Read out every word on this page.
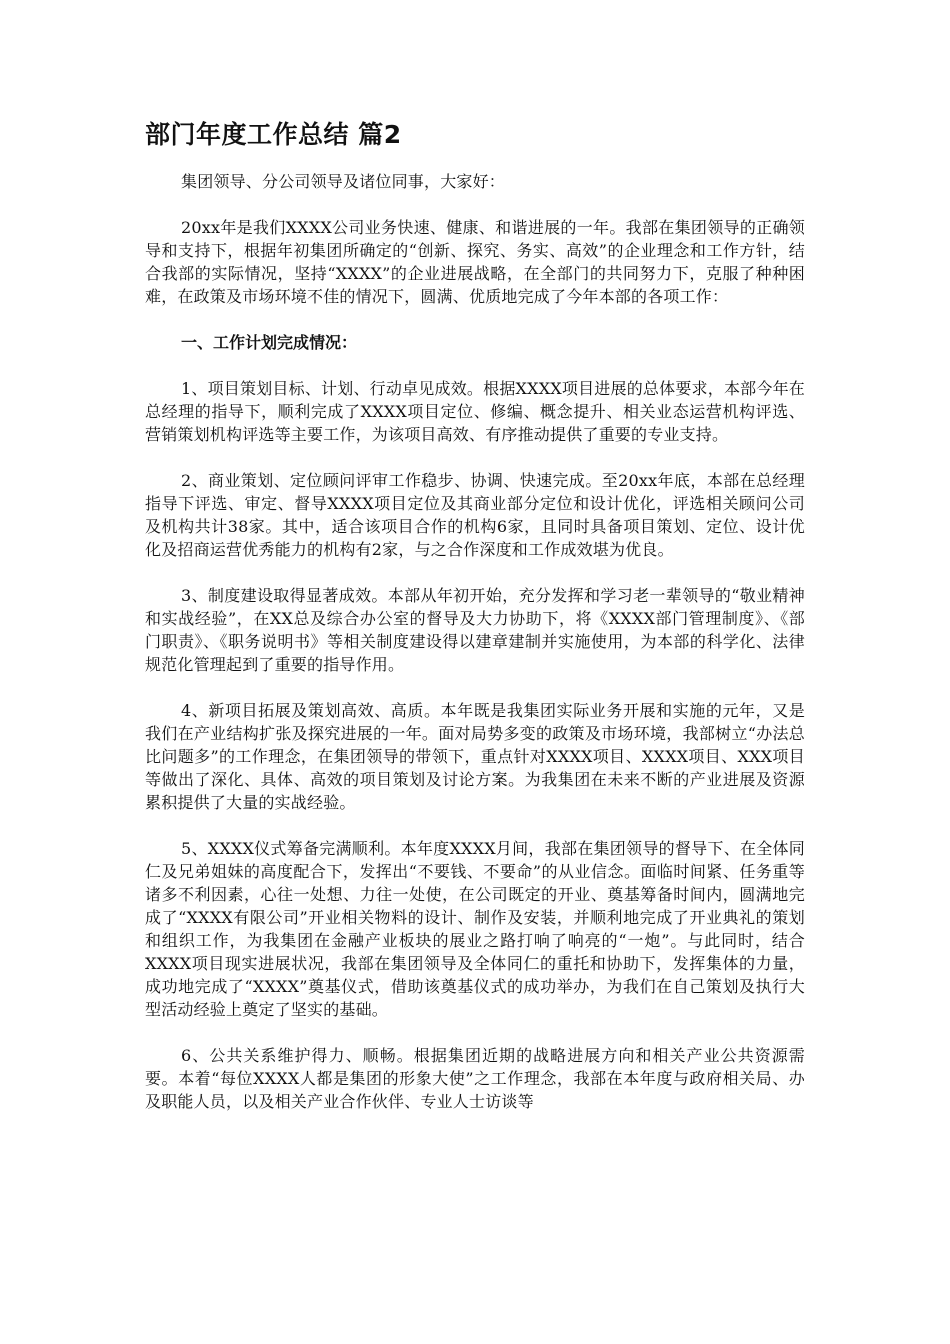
部门年度工作总结 篇2

集团领导、分公司领导及诸位同事，大家好：

20xx年是我们XXXX公司业务快速、健康、和谐进展的一年。我部在集团领导的正确领导和支持下，根据年初集团所确定的“创新、探究、务实、高效”的企业理念和工作方针，结合我部的实际情况，坚持“XXXX”的企业进展战略，在全部门的共同努力下，克服了种种困难，在政策及市场环境不佳的情况下，圆满、优质地完成了今年本部的各项工作：

一、工作计划完成情况：

1、项目策划目标、计划、行动卓见成效。根据XXXX项目进展的总体要求，本部今年在总经理的指导下，顺利完成了XXXX项目定位、修编、概念提升、相关业态运营机构评选、营销策划机构评选等主要工作，为该项目高效、有序推动提供了重要的专业支持。

2、商业策划、定位顾问评审工作稳步、协调、快速完成。至20xx年底，本部在总经理指导下评选、审定、督导XXXX项目定位及其商业部分定位和设计优化，评选相关顾问公司及机构共计38家。其中，适合该项目合作的机构6家，且同时具备项目策划、定位、设计优化及招商运营优秀能力的机构有2家，与之合作深度和工作成效堪为优良。

3、制度建设取得显著成效。本部从年初开始，充分发挥和学习老一辈领导的“敬业精神和实战经验”，在XX总及综合办公室的督导及大力协助下，将《XXXX部门管理制度》、《部门职责》、《职务说明书》等相关制度建设得以建章建制并实施使用，为本部的科学化、法律规范化管理起到了重要的指导作用。

4、新项目拓展及策划高效、高质。本年既是我集团实际业务开展和实施的元年，又是我们在产业结构扩张及探究进展的一年。面对局势多变的政策及市场环境，我部树立“办法总比问题多”的工作理念，在集团领导的带领下，重点针对XXXX项目、XXXX项目、XXX项目等做出了深化、具体、高效的项目策划及讨论方案。为我集团在未来不断的产业进展及资源累积提供了大量的实战经验。

5、XXXX仪式筹备完满顺利。本年度XXXX月间，我部在集团领导的督导下、在全体同仁及兄弟姐妹的高度配合下，发挥出“不要钱、不要命”的从业信念。面临时间紧、任务重等诸多不利因素，心往一处想、力往一处使，在公司既定的开业、奠基筹备时间内，圆满地完成了“XXXX有限公司”开业相关物料的设计、制作及安装，并顺利地完成了开业典礼的策划和组织工作，为我集团在金融产业板块的展业之路打响了响亮的“一炮”。与此同时，结合XXXX项目现实进展状况，我部在集团领导及全体同仁的重托和协助下，发挥集体的力量，成功地完成了“XXXX”奠基仪式，借助该奠基仪式的成功举办，为我们在自己策划及执行大型活动经验上奠定了坚实的基础。

6、公共关系维护得力、顺畅。根据集团近期的战略进展方向和相关产业公共资源需要。本着“每位XXXX人都是集团的形象大使”之工作理念，我部在本年度与政府相关局、办及职能人员，以及相关产业合作伙伴、专业人士访谈等
